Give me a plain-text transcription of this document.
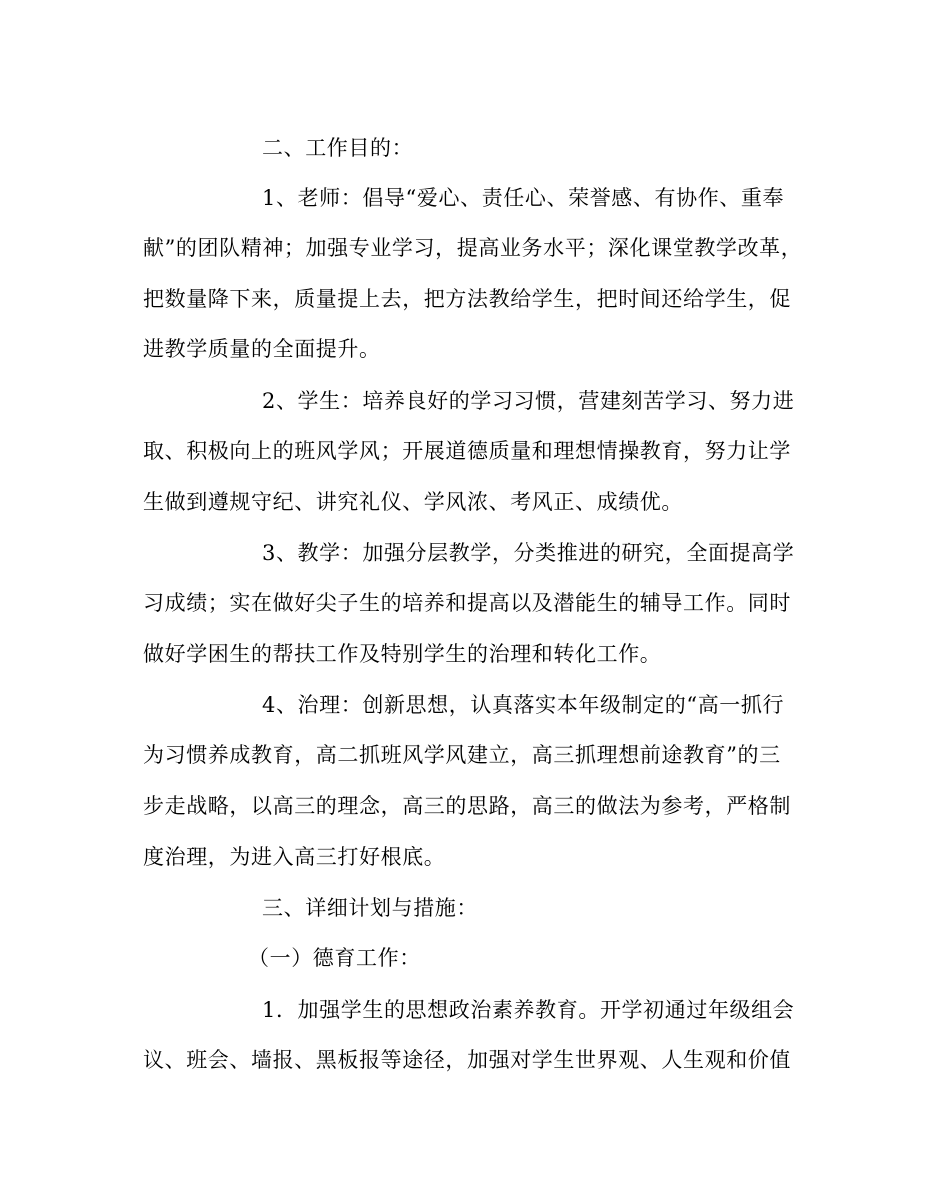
二、工作目的：
1、老师：倡导“爱心、责任心、荣誉感、有协作、重奉
献”的团队精神；加强专业学习，提高业务水平；深化课堂教学改革，
把数量降下来，质量提上去，把方法教给学生，把时间还给学生，促
进教学质量的全面提升。
2、学生：培养良好的学习习惯，营建刻苦学习、努力进
取、积极向上的班风学风；开展道德质量和理想情操教育，努力让学
生做到遵规守纪、讲究礼仪、学风浓、考风正、成绩优。
3、教学：加强分层教学，分类推进的研究，全面提高学
习成绩；实在做好尖子生的培养和提高以及潜能生的辅导工作。同时
做好学困生的帮扶工作及特别学生的治理和转化工作。
4、治理：创新思想，认真落实本年级制定的“高一抓行
为习惯养成教育，高二抓班风学风建立，高三抓理想前途教育”的三
步走战略，以高三的理念，高三的思路，高三的做法为参考，严格制
度治理，为进入高三打好根底。
三、详细计划与措施：
（一）德育工作：
1．加强学生的思想政治素养教育。开学初通过年级组会
议、班会、墙报、黑板报等途径，加强对学生世界观、人生观和价值
